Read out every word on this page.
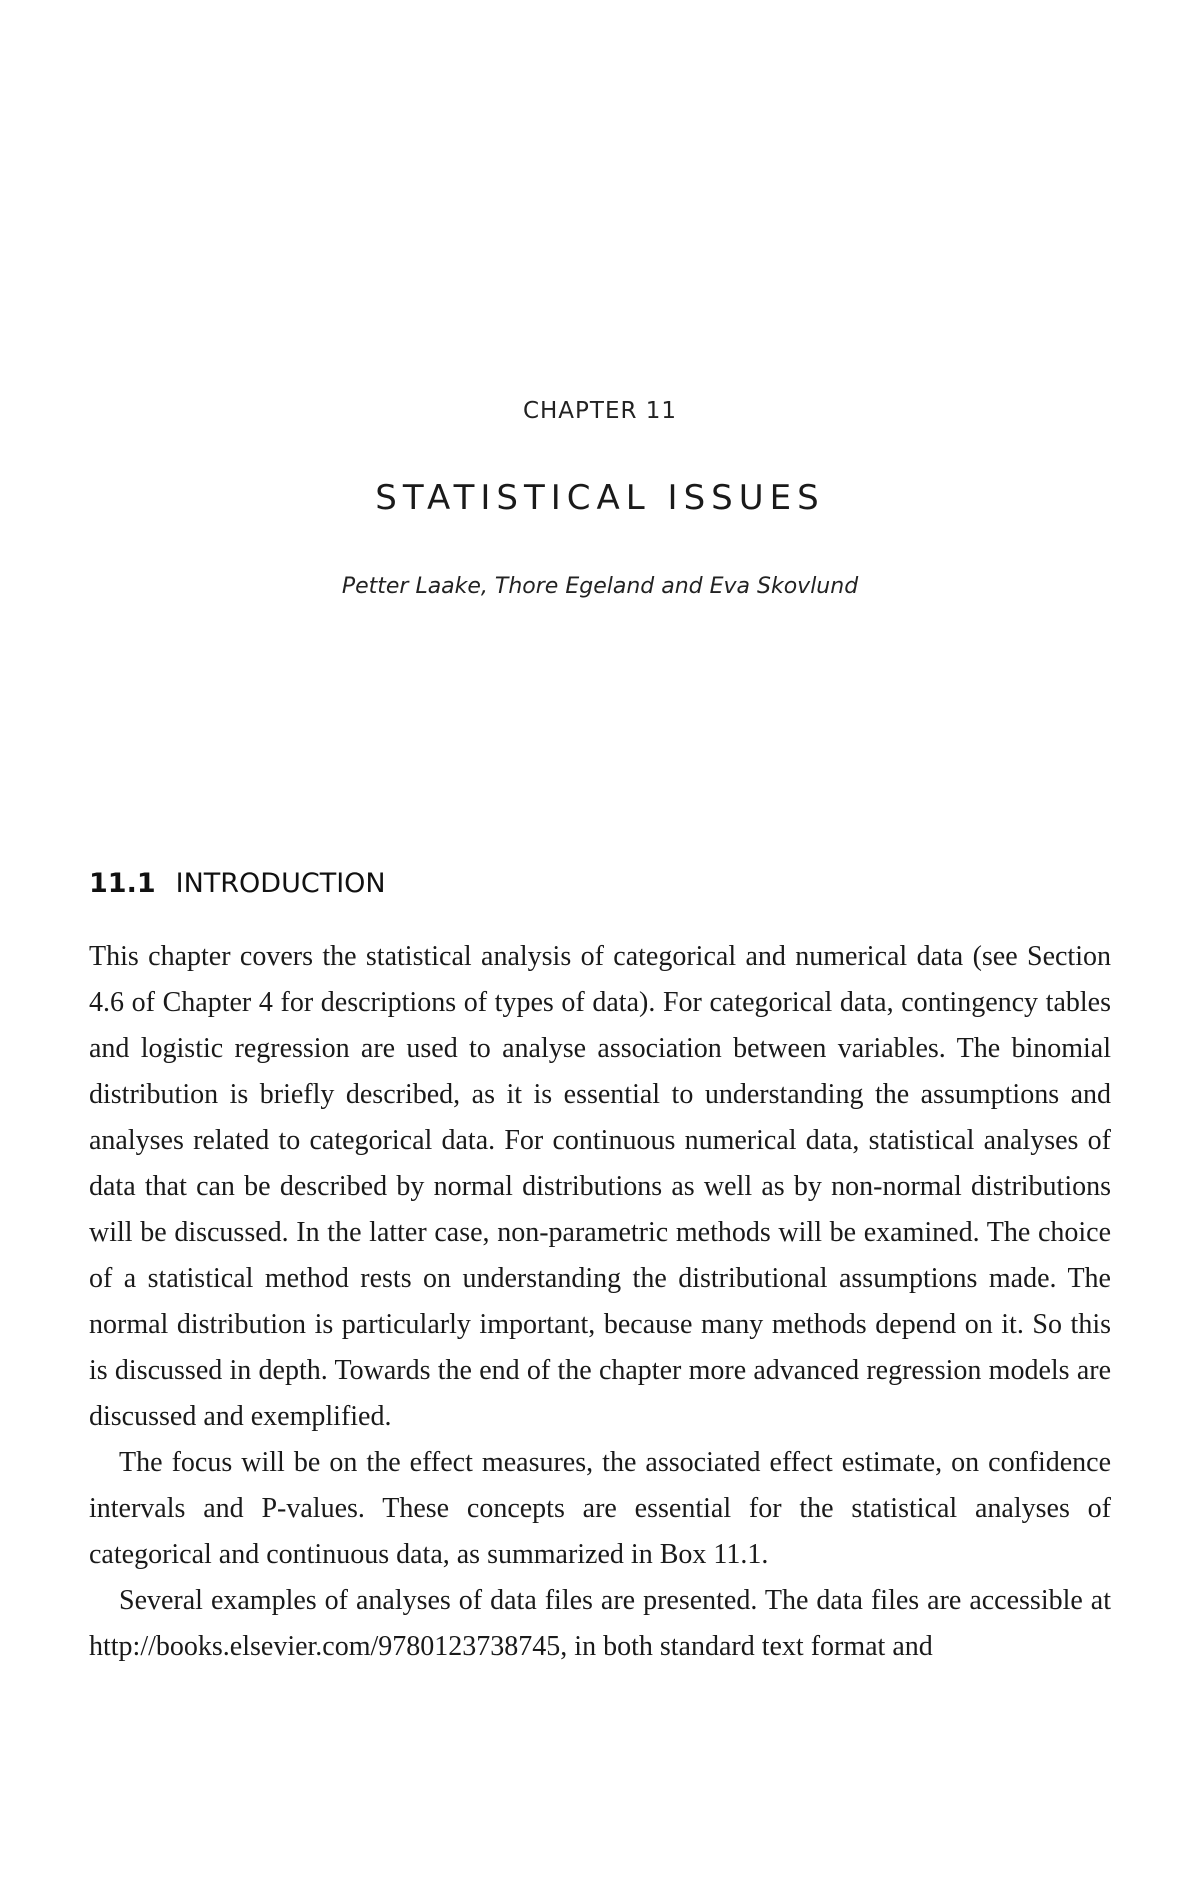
CHAPTER 11
STATISTICAL ISSUES
Petter Laake, Thore Egeland and Eva Skovlund
11.1 INTRODUCTION

This chapter covers the statistical analysis of categorical and numerical data (see Section 4.6 of Chapter 4 for descriptions of types of data). For categorical data, contingency tables and logistic regression are used to analyse association between variables. The binomial distribution is briefly described, as it is essential to understanding the assumptions and analyses related to categorical data. For continuous numerical data, statistical analyses of data that can be described by normal distributions as well as by non-normal distributions will be discussed. In the latter case, non-parametric methods will be examined. The choice of a statistical method rests on understanding the distributional assumptions made. The normal distribution is particularly important, because many methods depend on it. So this is discussed in depth. Towards the end of the chapter more advanced regression models are discussed and exemplified.

The focus will be on the effect measures, the associated effect estimate, on confidence intervals and P-values. These concepts are essential for the statistical analyses of categorical and continuous data, as summarized in Box 11.1.

Several examples of analyses of data files are presented. The data files are accessible at http://books.elsevier.com/9780123738745, in both standard text format and
